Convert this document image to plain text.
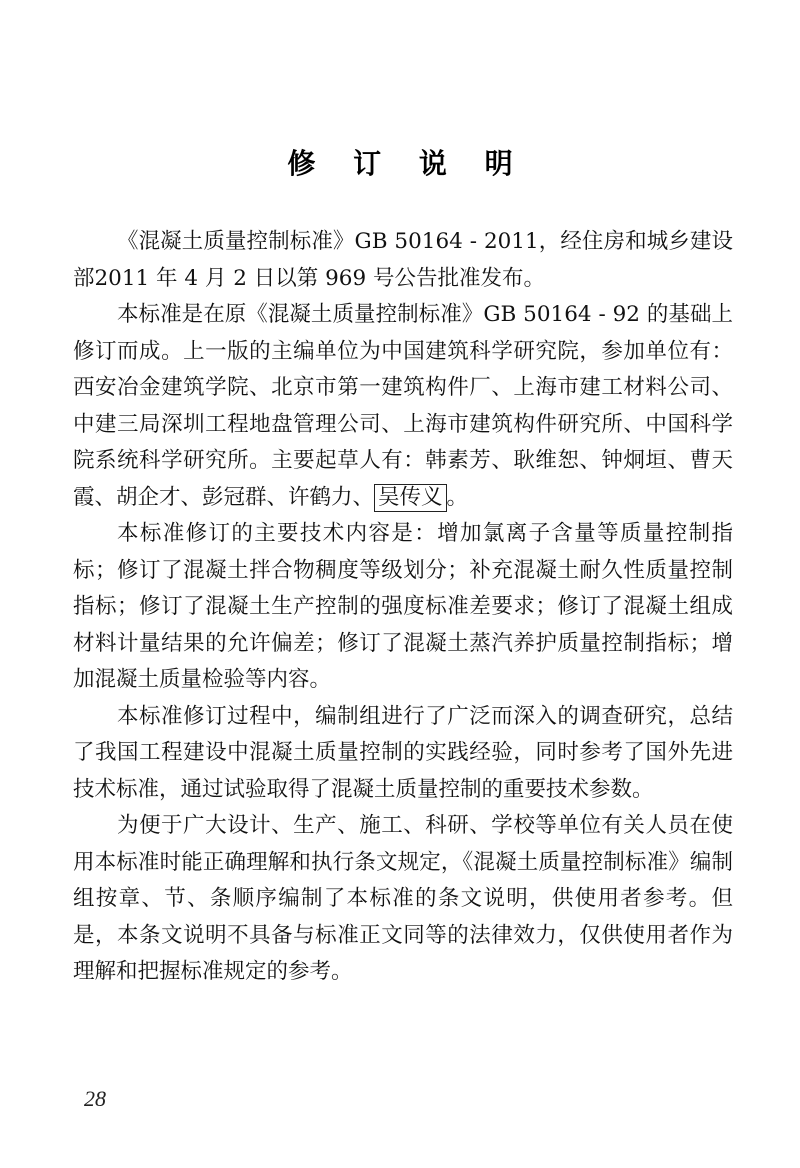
修 订 说 明

《混凝土质量控制标准》GB 50164 - 2011，经住房和城乡建设部2011 年 4 月 2 日以第 969 号公告批准发布。

本标准是在原《混凝土质量控制标准》GB 50164 - 92 的基础上修订而成。上一版的主编单位为中国建筑科学研究院，参加单位有：西安冶金建筑学院、北京市第一建筑构件厂、上海市建工材料公司、中建三局深圳工程地盘管理公司、上海市建筑构件研究所、中国科学院系统科学研究所。主要起草人有：韩素芳、耿维恕、钟炯垣、曹天霞、胡企才、彭冠群、许鹤力、 吴传义 。

本标准修订的主要技术内容是：增加氯离子含量等质量控制指标；修订了混凝土拌合物稠度等级划分；补充混凝土耐久性质量控制指标；修订了混凝土生产控制的强度标准差要求；修订了混凝土组成材料计量结果的允许偏差；修订了混凝土蒸汽养护质量控制指标；增加混凝土质量检验等内容。

本标准修订过程中，编制组进行了广泛而深入的调查研究，总结了我国工程建设中混凝土质量控制的实践经验，同时参考了国外先进技术标准，通过试验取得了混凝土质量控制的重要技术参数。

为便于广大设计、生产、施工、科研、学校等单位有关人员在使用本标准时能正确理解和执行条文规定，《混凝土质量控制标准》编制组按章、节、条顺序编制了本标准的条文说明，供使用者参考。但是，本条文说明不具备与标准正文同等的法律效力，仅供使用者作为理解和把握标准规定的参考。

28
